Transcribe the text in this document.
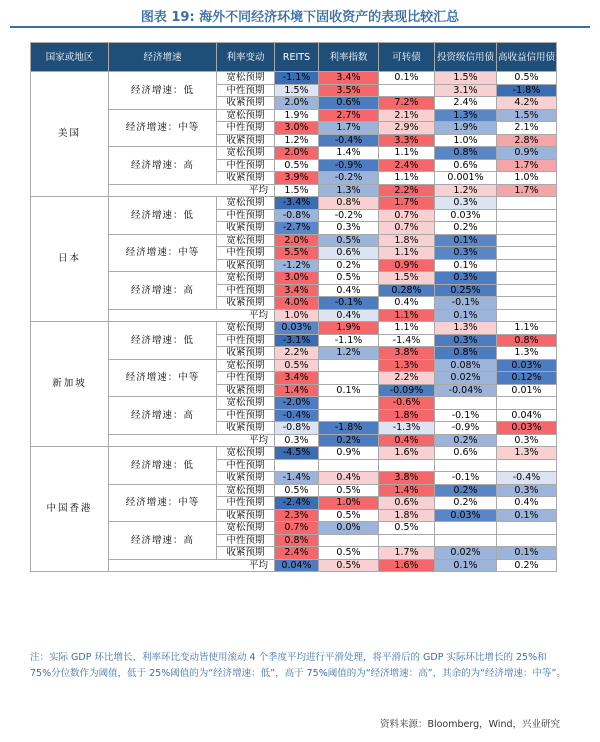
图表 19: 海外不同经济环境下固收资产的表现比较汇总
国家或地区	经济增速	利率变动	REITS	利率指数	可转债	投资级信用债	高收益信用债
美国	经济增速：低	宽松预期	-1.1%	3.4%	0.1%	1.5%	0.5%
		中性预期	1.5%	3.5%		3.1%	-1.8%
		收紧预期	2.0%	0.6%	7.2%	2.4%	4.2%
	经济增速：中等	宽松预期	1.9%	2.7%	2.1%	1.3%	1.5%
		中性预期	3.0%	1.7%	2.9%	1.9%	2.1%
		收紧预期	1.2%	-0.4%	3.3%	1.0%	2.8%
	经济增速：高	宽松预期	2.0%	1.4%	1.1%	0.8%	0.9%
		中性预期	0.5%	-0.9%	2.4%	0.6%	1.7%
		收紧预期	3.9%	-0.2%	1.1%	0.001%	1.0%
	平均		1.5%	1.3%	2.2%	1.2%	1.7%
日本	经济增速：低	宽松预期	-3.4%	0.8%	1.7%	0.3%	
		中性预期	-0.8%	-0.2%	0.7%	0.03%	
		收紧预期	-2.7%	0.3%	0.7%	0.2%	
	经济增速：中等	宽松预期	2.0%	0.5%	1.8%	0.1%	
		中性预期	5.5%	0.6%	1.1%	0.3%	
		收紧预期	-1.2%	0.2%	0.9%	0.1%	
	经济增速：高	宽松预期	3.0%	0.5%	1.5%	0.3%	
		中性预期	3.4%	0.4%	0.28%	0.25%	
		收紧预期	4.0%	-0.1%	0.4%	-0.1%	
	平均		1.0%	0.4%	1.1%	0.1%	
新加坡	经济增速：低	宽松预期	0.03%	1.9%	1.1%	1.3%	1.1%
		中性预期	-3.1%	-1.1%	-1.4%	0.3%	0.8%
		收紧预期	2.2%	1.2%	3.8%	0.8%	1.3%
	经济增速：中等	宽松预期	0.5%		1.3%	0.08%	0.03%
		中性预期	3.4%		2.2%	0.02%	0.12%
		收紧预期	1.4%	0.1%	-0.09%	-0.04%	0.01%
	经济增速：高	宽松预期	-2.0%		-0.6%		
		中性预期	-0.4%		1.8%	-0.1%	0.04%
		收紧预期	-0.8%	-1.8%	-1.3%	-0.9%	0.03%
	平均		0.3%	0.2%	0.4%	0.2%	0.3%
中国香港	经济增速：低	宽松预期	-4.5%	0.9%	1.6%	0.6%	1.3%
		中性预期					
		收紧预期	-1.4%	0.4%	3.8%	-0.1%	-0.4%
	经济增速：中等	宽松预期	0.5%	0.5%	1.4%	0.2%	0.3%
		中性预期	-2.4%	1.0%	0.6%	0.2%	0.4%
		收紧预期	2.3%	0.5%	1.8%	0.03%	0.1%
	经济增速：高	宽松预期	0.7%	0.0%	0.5%		
		中性预期	0.8%				
		收紧预期	2.4%	0.5%	1.7%	0.02%	0.1%
	平均		0.04%	0.5%	1.6%	0.1%	0.2%
注：实际 GDP 环比增长、利率环比变动皆使用滚动 4 个季度平均进行平滑处理，将平滑后的 GDP 实际环比增长的 25%和 75%分位数作为阈值，低于 25%阈值的为“经济增速：低”，高于 75%阈值的为“经济增速：高”，其余的为“经济增速：中等”。
资料来源：Bloomberg，Wind，兴业研究
